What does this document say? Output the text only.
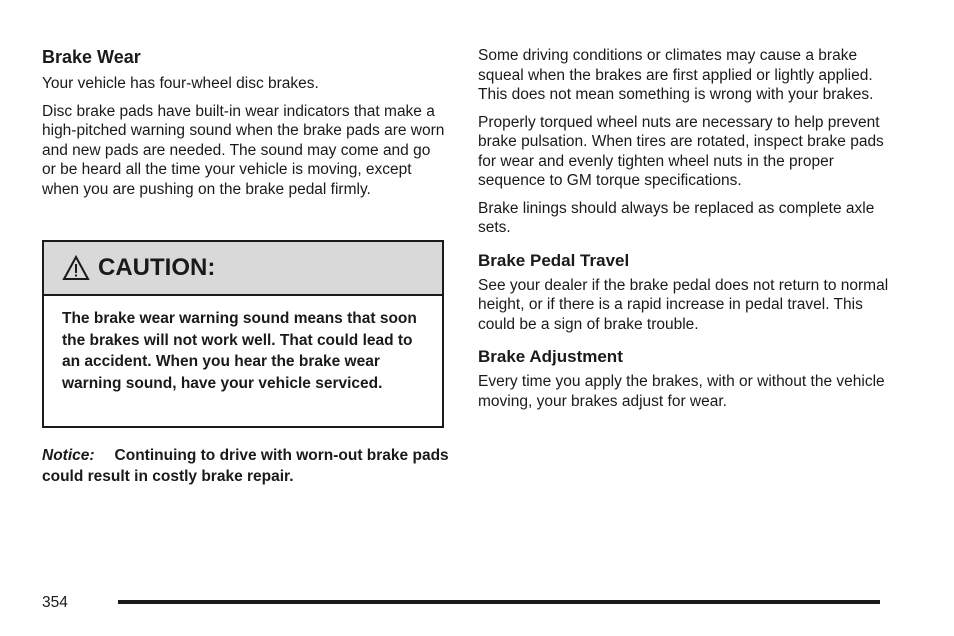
Brake Wear

Your vehicle has four-wheel disc brakes.

Disc brake pads have built-in wear indicators that make a high-pitched warning sound when the brake pads are worn and new pads are needed. The sound may come and go or be heard all the time your vehicle is moving, except when you are pushing on the brake pedal firmly.

CAUTION:
The brake wear warning sound means that soon the brakes will not work well. That could lead to an accident. When you hear the brake wear warning sound, have your vehicle serviced.
Notice: Continuing to drive with worn-out brake pads could result in costly brake repair.

Some driving conditions or climates may cause a brake squeal when the brakes are first applied or lightly applied. This does not mean something is wrong with your brakes.

Properly torqued wheel nuts are necessary to help prevent brake pulsation. When tires are rotated, inspect brake pads for wear and evenly tighten wheel nuts in the proper sequence to GM torque specifications.

Brake linings should always be replaced as complete axle sets.

Brake Pedal Travel

See your dealer if the brake pedal does not return to normal height, or if there is a rapid increase in pedal travel. This could be a sign of brake trouble.

Brake Adjustment

Every time you apply the brakes, with or without the vehicle moving, your brakes adjust for wear.

354
